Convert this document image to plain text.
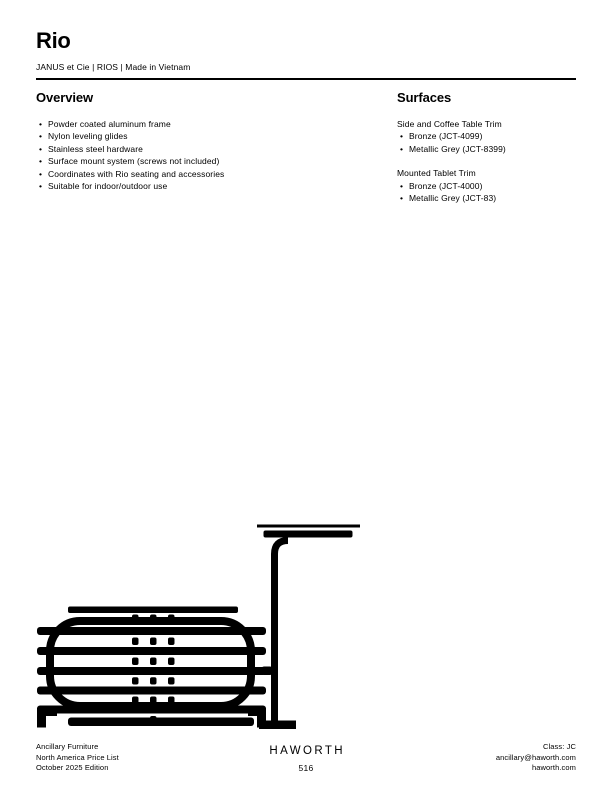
Rio
JANUS et Cie | RIOS | Made in Vietnam
Overview
• Powder coated aluminum frame
• Nylon leveling glides
• Stainless steel hardware
• Surface mount system (screws not included)
• Coordinates with Rio seating and accessories
• Suitable for indoor/outdoor use
Surfaces
Side and Coffee Table Trim
• Bronze (JCT-4099)
• Metallic Grey (JCT-8399)
Mounted Tablet Trim
• Bronze (JCT-4000)
• Metallic Grey (JCT-83)
Ancillary Furniture
North America Price List
October 2025 Edition
HAWORTH
516
Class: JC
ancillary@haworth.com
haworth.com
